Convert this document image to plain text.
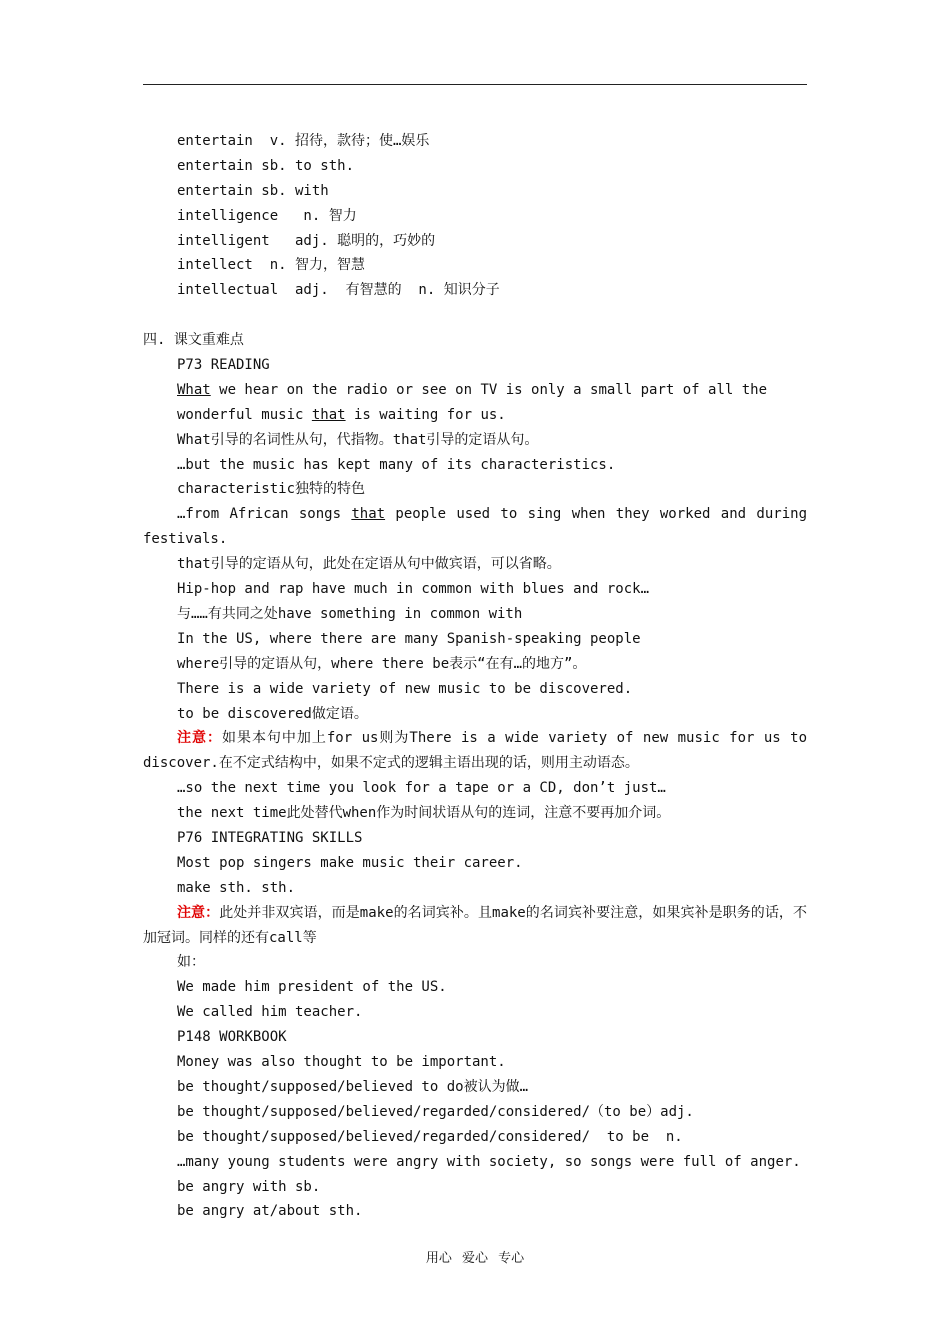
entertain  v. 招待，款待；使…娱乐
entertain sb. to sth.
entertain sb. with
intelligence   n. 智力
intelligent   adj. 聪明的，巧妙的
intellect  n. 智力，智慧
intellectual  adj.  有智慧的  n. 知识分子
四. 课文重难点
P73 READING
What we hear on the radio or see on TV is only a small part of all the
wonderful music that is waiting for us.
What引导的名词性从句，代指物。that引导的定语从句。
…but the music has kept many of its characteristics.
characteristic独特的特色
…from African songs that people used to sing when they worked and during festivals.
that引导的定语从句，此处在定语从句中做宾语，可以省略。
Hip-hop and rap have much in common with blues and rock…
与……有共同之处have something in common with
In the US, where there are many Spanish-speaking people
where引导的定语从句，where there be表示“在有…的地方”。
There is a wide variety of new music to be discovered.
to be discovered做定语。
注意：如果本句中加上for us则为There is a wide variety of new music for us to discover.在不定式结构中，如果不定式的逻辑主语出现的话，则用主动语态。
…so the next time you look for a tape or a CD, don’t just…
the next time此处替代when作为时间状语从句的连词，注意不要再加介词。
P76 INTEGRATING SKILLS
Most pop singers make music their career.
make sth. sth.
注意：此处并非双宾语，而是make的名词宾补。且make的名词宾补要注意，如果宾补是职务的话，不加冠词。同样的还有call等
如：
We made him president of the US.
We called him teacher.
P148 WORKBOOK
Money was also thought to be important.
be thought/supposed/believed to do被认为做…
be thought/supposed/believed/regarded/considered/（to be）adj.
be thought/supposed/believed/regarded/considered/  to be  n.
…many young students were angry with society, so songs were full of anger.
be angry with sb.
be angry at/about sth.
用心 爱心 专心
